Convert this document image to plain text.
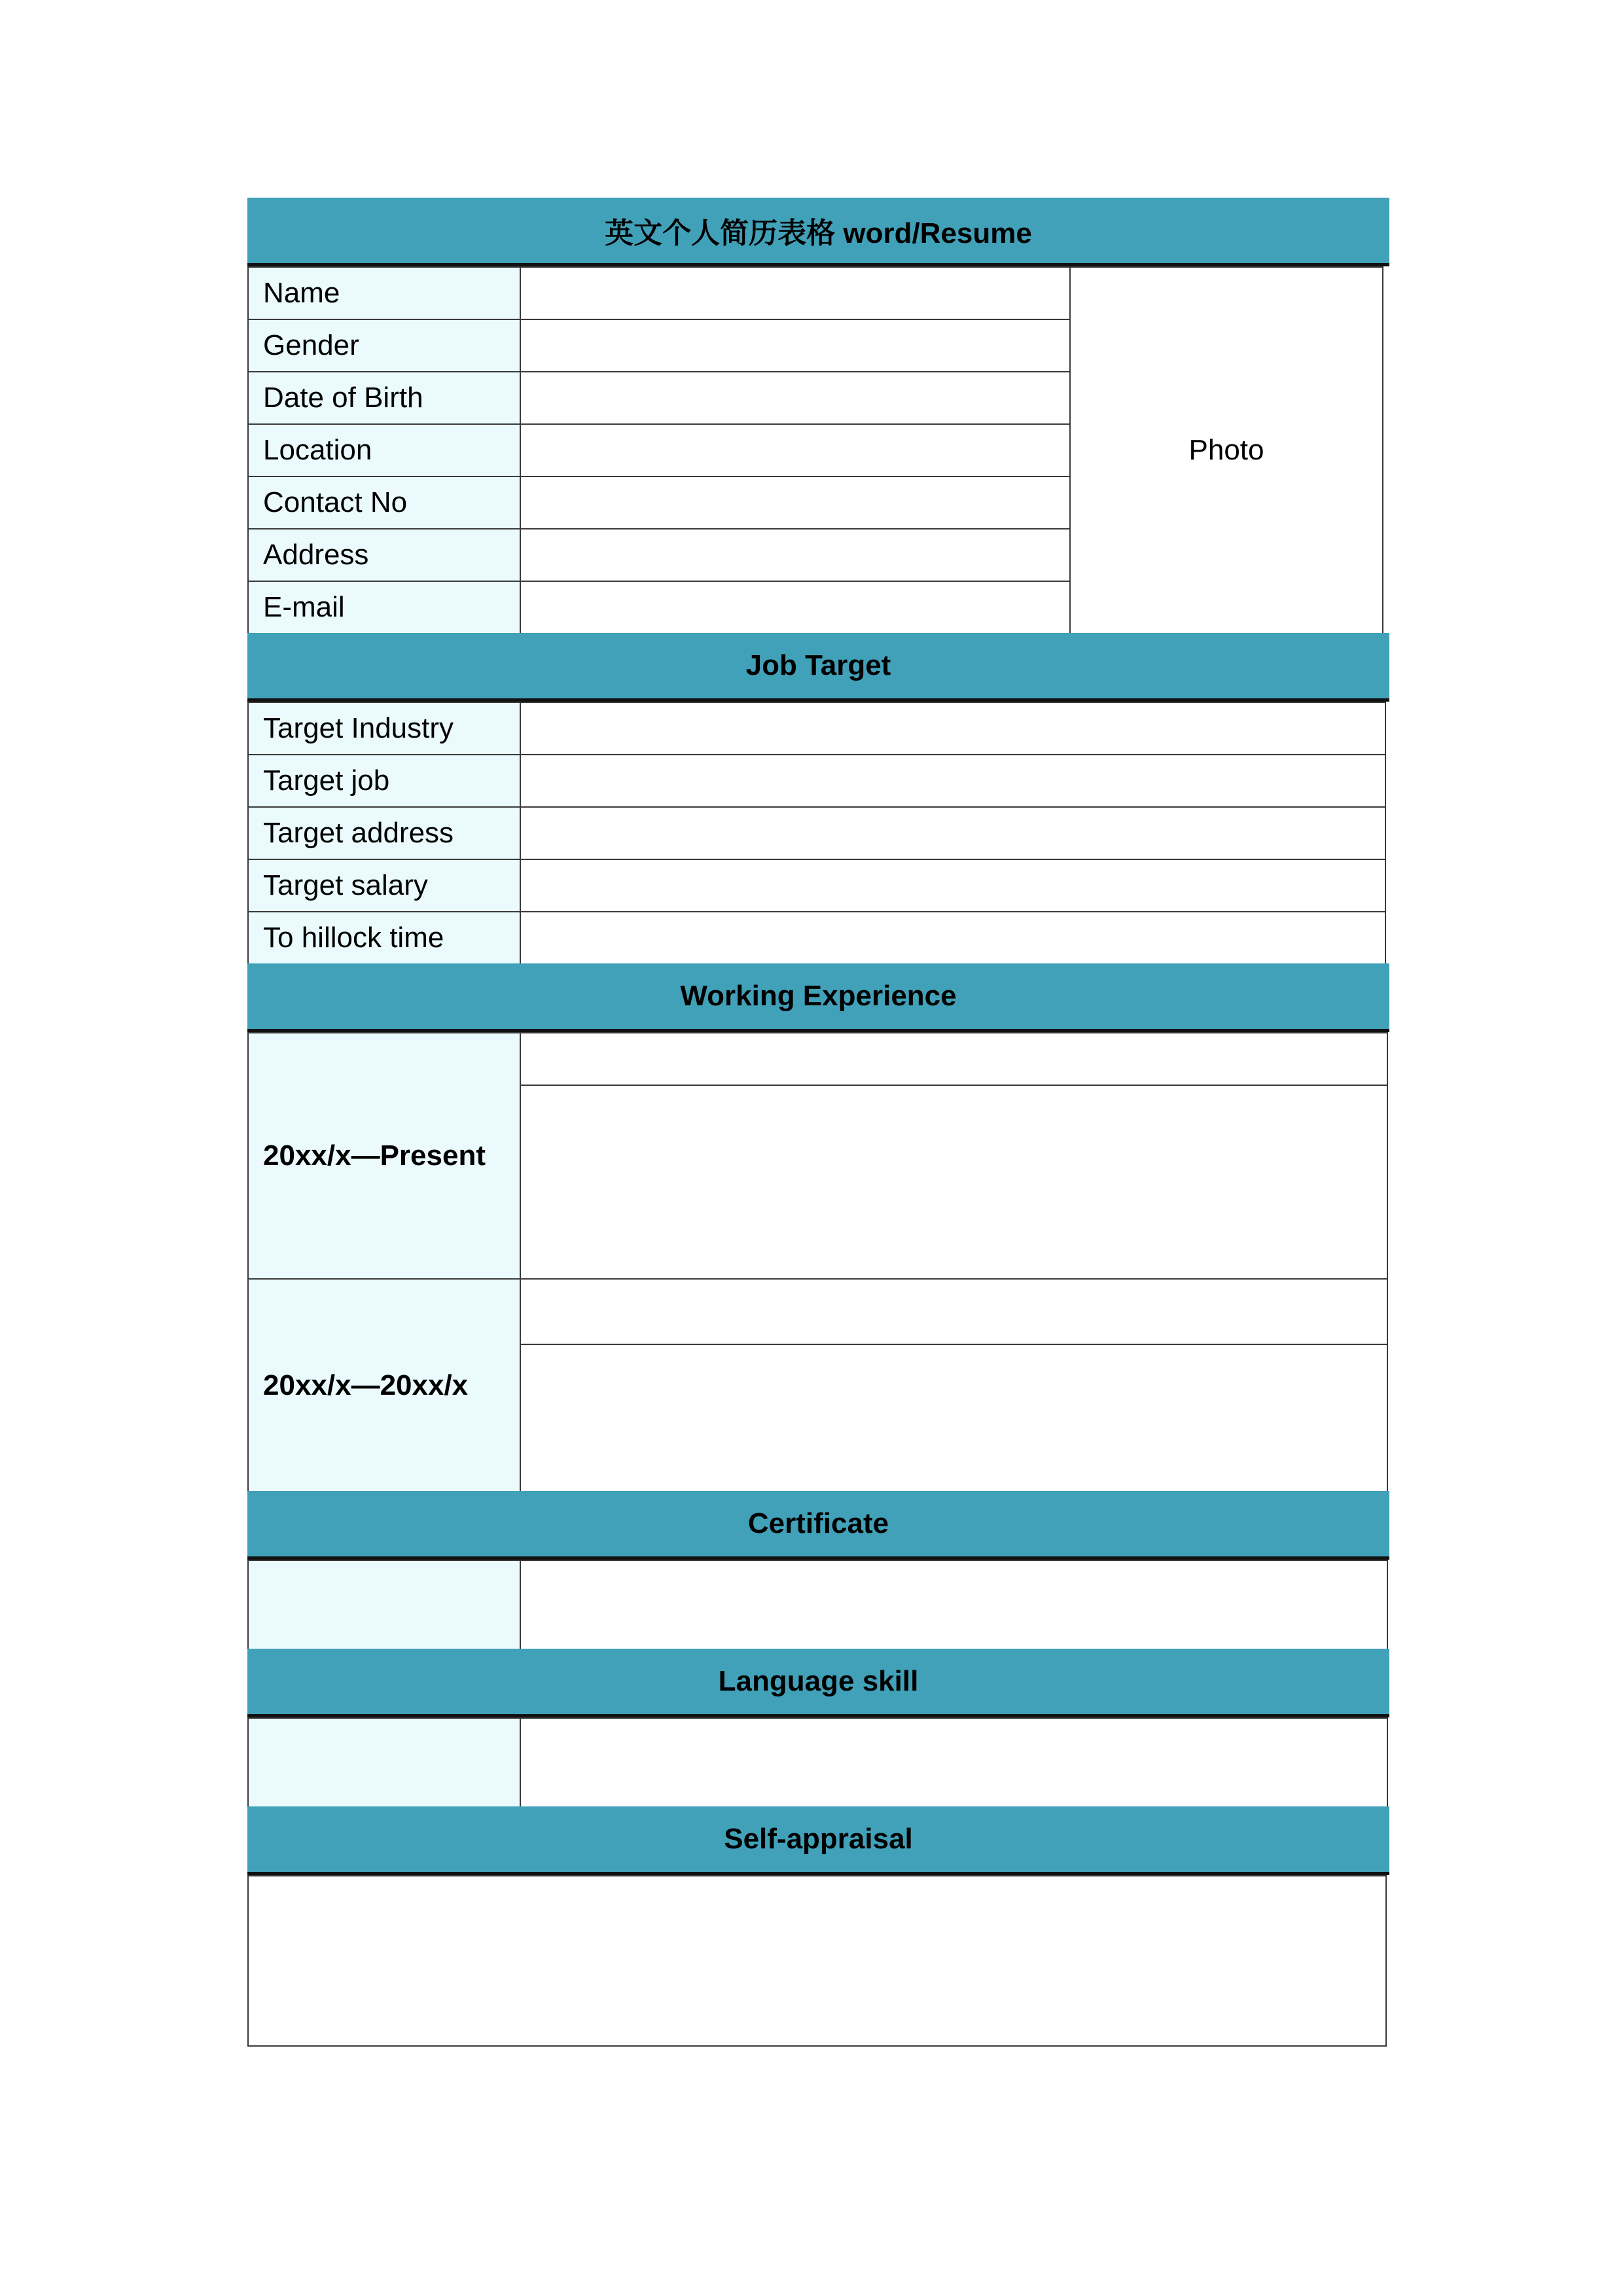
英文个人简历表格 word/Resume
Name
Gender
Date of Birth
Location
Contact No
Address
E-mail
Photo
Job Target
Target Industry
Target job
Target address
Target salary
To hillock time
Working Experience
20xx/x—Present
20xx/x—20xx/x
Certificate
Language skill
Self-appraisal
